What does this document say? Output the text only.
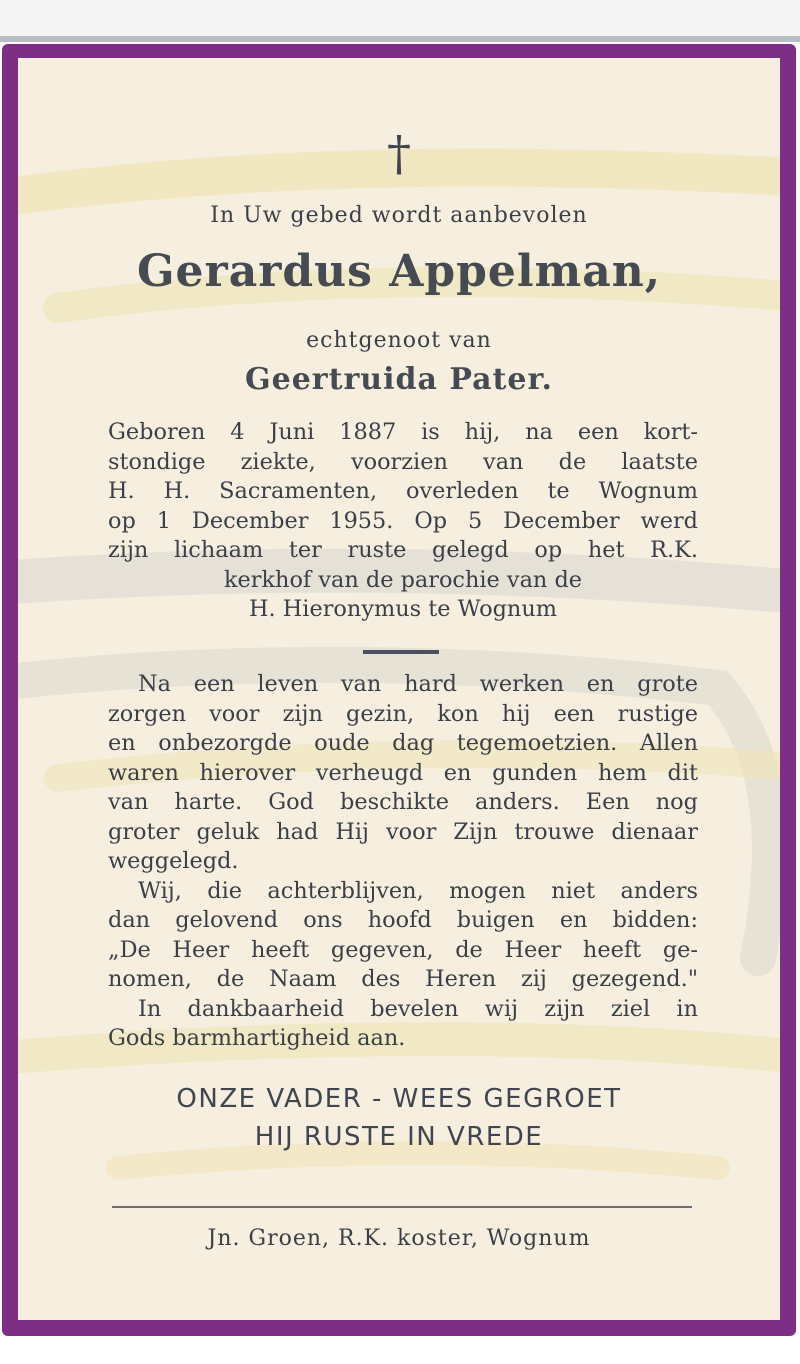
†
In Uw gebed wordt aanbevolen
Gerardus Appelman,
echtgenoot van
Geertruida Pater.
Geboren 4 Juni 1887 is hij, na een kort-
stondige ziekte, voorzien van de laatste
H. H. Sacramenten, overleden te Wognum
op 1 December 1955. Op 5 December werd
zijn lichaam ter ruste gelegd op het R.K.
kerkhof van de parochie van de
H. Hieronymus te Wognum
Na een leven van hard werken en grote
zorgen voor zijn gezin, kon hij een rustige
en onbezorgde oude dag tegemoetzien. Allen
waren hierover verheugd en gunden hem dit
van harte. God beschikte anders. Een nog
groter geluk had Hij voor Zijn trouwe dienaar
weggelegd.
Wij, die achterblijven, mogen niet anders
dan gelovend ons hoofd buigen en bidden:
„De Heer heeft gegeven, de Heer heeft ge-
nomen, de Naam des Heren zij gezegend."
In dankbaarheid bevelen wij zijn ziel in
Gods barmhartigheid aan.
ONZE VADER - WEES GEGROET
HIJ RUSTE IN VREDE
Jn. Groen, R.K. koster, Wognum
